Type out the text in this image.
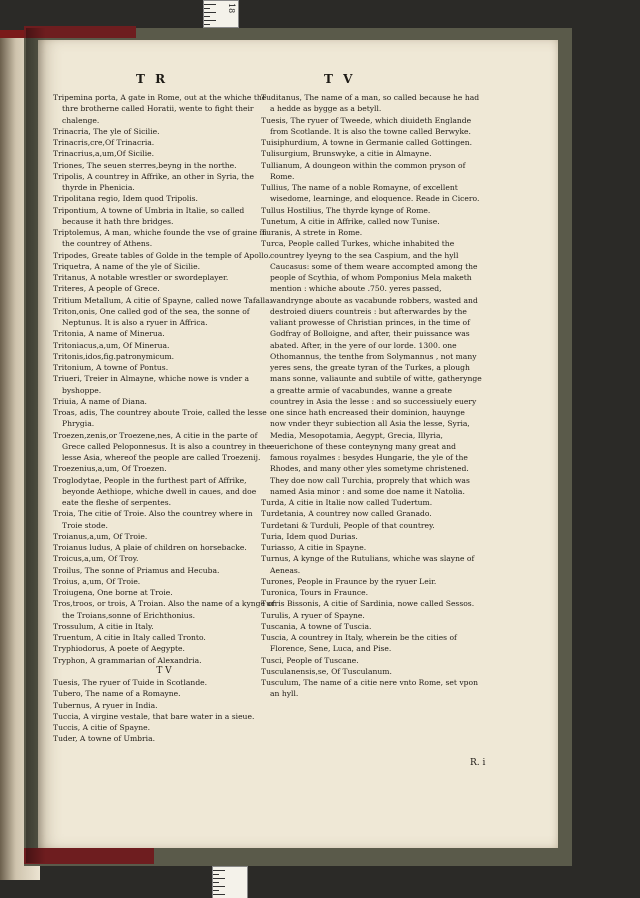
18
T R	T V

Tripemina porta, A gate in Rome, out at the whiche the thre brotherne called Horatii, wente to fight their chalenge.

Trinacria, The yle of Sicilie.

Trinacris,cre,Of Trinacria.

Trinacrius,a,um,Of Sicilie.

Triones, The seuen sterres,beyng in the northe.

Tripolis, A countrey in Affrike, an other in Syria, the thyrde in Phenicia.

Tripolitana regio, Idem quod Tripolis.

Tripontium, A towne of Umbria in Italie, so called because it hath thre bridges.

Triptolemus, A man, whiche founde the vse of graine in the countrey of Athens.

Tripodes, Greate tables of Golde in the temple of Apollo.

Triquetra, A name of the yle of Sicilie.

Tritanus, A notable wrestler or swordeplayer.

Triteres, A people of Grece.

Tritium Metallum, A citie of Spayne, called nowe Tafalla.

Triton,onis, One called god of the sea, the sonne of Neptunus. It is also a ryuer in Affrica.

Tritonia, A name of Minerua.

Tritoniacus,a,um, Of Minerua.

Tritonis,idos,fig.patronymicum.

Tritonium, A towne of Pontus.

Triueri, Treier in Almayne, whiche nowe is vnder a byshoppe.

Triuia, A name of Diana.

Troas, adis, The countrey aboute Troie, called the lesse Phrygia.

Troezen,zenis,or Troezene,nes, A citie in the parte of Grece called Peloponnesus. It is also a countrey in the lesse Asia, whereof the people are called Troezenij.

Troezenius,a,um, Of Troezen.

Troglodytae, People in the furthest part of Affrike, beyonde Aethiope, whiche dwell in caues, and doe eate the fleshe of serpentes.

Troia, The citie of Troie. Also the countrey where in Troie stode.

Troianus,a,um, Of Troie.

Troianus ludus, A plaie of children on horsebacke.

Troicus,a,um, Of Troy.

Troilus, The sonne of Priamus and Hecuba.

Troius, a,um, Of Troie.

Troiugena, One borne at Troie.

Tros,troos, or trois, A Troian. Also the name of a kynge of the Troians,sonne of Erichthonius.

Trossulum, A citie in Italy.

Truentum, A citie in Italy called Tronto.

Tryphiodorus, A poete of Aegypte.

Tryphon, A grammarian of Alexandria.

T V

Tuesis, The ryuer of Tuide in Scotlande.

Tubero, The name of a Romayne.

Tubernus, A ryuer in India.

Tuccia, A virgine vestale, that bare water in a sieue.

Tuccis, A citie of Spayne.

Tuder, A towne of Umbria.

Tuditanus, The name of a man, so called because he had a hedde as bygge as a betyll.

Tuesis, The ryuer of Tweede, which diuideth Englande from Scotlande. It is also the towne called Berwyke.

Tuisiphurdium, A towne in Germanie called Gottingen.

Tulisurgium, Brunswyke, a citie in Almayne.

Tullianum, A doungeon within the common pryson of Rome.

Tullius, The name of a noble Romayne, of excellent wisedome, learninge, and eloquence. Reade in Cicero.

Tullus Hostilius, The thyrde kynge of Rome.

Tunetum, A citie in Affrike, called now Tunise.

Turanis, A strete in Rome.

Turca, People called Turkes, whiche inhabited the countrey lyeyng to the sea Caspium, and the hyll Caucasus: some of them weare accompted among the people of Scythia, of whom Pomponius Mela maketh mention : whiche aboute .750. yeres passed, wandrynge aboute as vacabunde robbers, wasted and destroied diuers countreis : but afterwardes by the valiant prowesse of Christian princes, in the time of Godfray of Bolloigne, and after, their puissance was abated. After, in the yere of our lorde. 1300. one Othomannus, the tenthe from Solymannus , not many yeres sens, the greate tyran of the Turkes, a plough mans sonne, valiaunte and subtile of witte, gatherynge a greatte armie of vacabundes, wanne a greate countrey in Asia the lesse : and so successiuely euery one since hath encreased their dominion, hauynge now vnder theyr subiection all Asia the lesse, Syria, Media, Mesopotamia, Aegypt, Grecia, Illyria, euerichone of these conteynyng many great and famous royalmes : besydes Hungarie, the yle of the Rhodes, and many other yles sometyme christened. They doe now call Turchia, proprely that which was named Asia minor : and some doe name it Natolia.

Turda, A citie in Italie now called Tudertum.

Turdetania, A countrey now called Granado.

Turdetani & Turduli, People of that countrey.

Turia, Idem quod Durias.

Turiasso, A citie in Spayne.

Turnus, A kynge of the Rutulians, whiche was slayne of Aeneas.

Turones, People in Fraunce by the ryuer Leir.

Turonica, Tours in Fraunce.

Turris Bissonis, A citie of Sardinia, nowe called Sessos.

Turulis, A ryuer of Spayne.

Tuscania, A towne of Tuscia.

Tuscia, A countrey in Italy, wherein be the cities of Florence, Sene, Luca, and Pise.

Tusci, People of Tuscane.

Tusculanensis,se, Of Tusculanum.

Tusculum, The name of a citie nere vnto Rome, set vpon an hyll.

R. i
